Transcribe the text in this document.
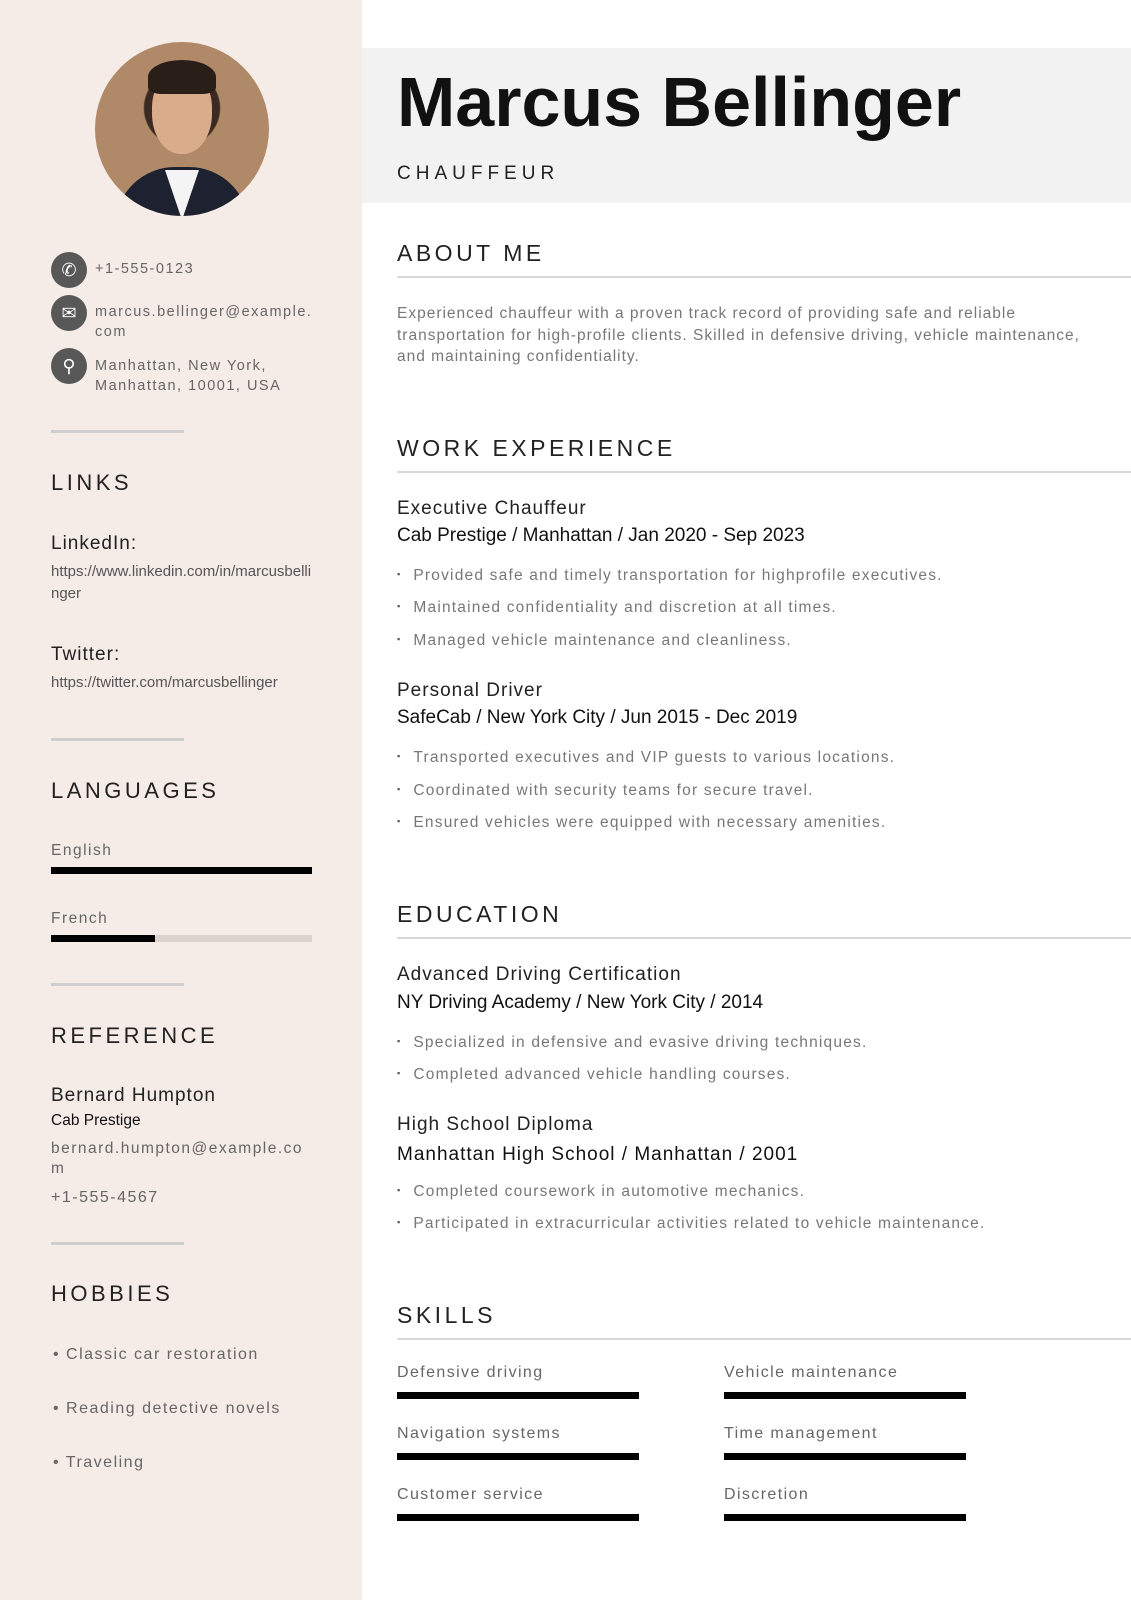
✆	+1-555-0123
✉	marcus.bellinger@example.com
⚲	Manhattan, New York, Manhattan, 10001, USA
LINKS
LinkedIn:
https://www.linkedin.com/in/marcusbellinger
Twitter:
https://twitter.com/marcusbellinger
LANGUAGES
English
French
REFERENCE
Bernard Humpton
Cab Prestige
bernard.humpton@example.com
+1-555-4567
HOBBIES
• Classic car restoration
• Reading detective novels
• Traveling
Marcus Bellinger
CHAUFFEUR
ABOUT ME
Experienced chauffeur with a proven track record of providing safe and reliable transportation for high-profile clients. Skilled in defensive driving, vehicle maintenance, and maintaining confidentiality.
WORK EXPERIENCE
Executive Chauffeur
Cab Prestige / Manhattan / Jan 2020 - Sep 2023
▪ Provided safe and timely transportation for highprofile executives.
▪ Maintained confidentiality and discretion at all times.
▪ Managed vehicle maintenance and cleanliness.
Personal Driver
SafeCab / New York City / Jun 2015 - Dec 2019
▪ Transported executives and VIP guests to various locations.
▪ Coordinated with security teams for secure travel.
▪ Ensured vehicles were equipped with necessary amenities.
EDUCATION
Advanced Driving Certification
NY Driving Academy / New York City / 2014
▪ Specialized in defensive and evasive driving techniques.
▪ Completed advanced vehicle handling courses.
High School Diploma
Manhattan High School / Manhattan / 2001
▪ Completed coursework in automotive mechanics.
▪ Participated in extracurricular activities related to vehicle maintenance.
SKILLS
Defensive driving	Vehicle maintenance
Navigation systems	Time management
Customer service	Discretion
